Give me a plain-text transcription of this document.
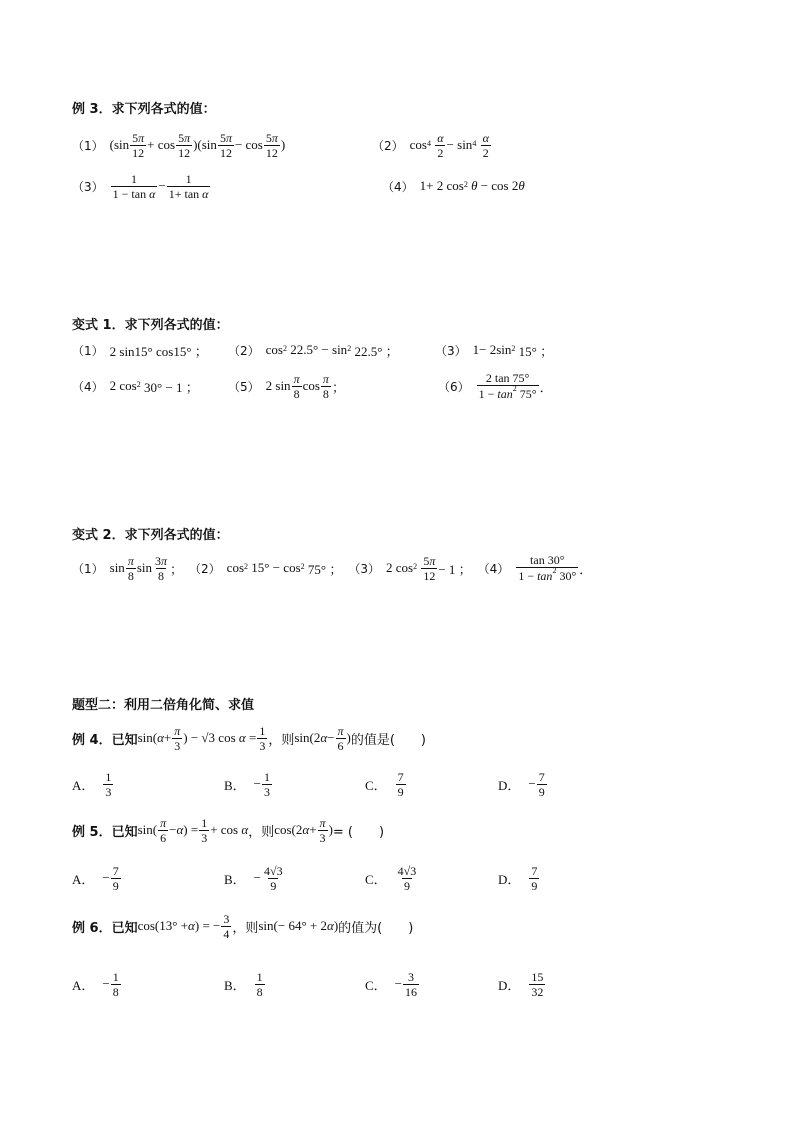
例 3．求下列各式的值：
（1） $(\sin \frac{5\pi}{12} + \cos \frac{5\pi}{12} )(\sin \frac{5\pi}{12} - \cos \frac{5\pi}{12}$ )	（2） cos 4
$\frac{\alpha}{2} - \sin 4$
$\frac{\alpha}{2}$
$(3) \frac{1}{\text{1 − tan α}} - \frac{1}{\text{1+ tan α}}$	（4） 1+ 2 cos 2
θ − cos 2 θ
变式 1．求下列各式的值：
（1） 2 sin15° cos15° ； （2） cos 2 22.5° − sin 2 22.5° ；	（3） 1− 2sin 2 15° ；
（4） 2 cos 2 30° − 1 ； （5） 2 $\sin \frac{\pi}{8}$ $\cos \frac{\pi}{8}$ ；	$(6) \frac{2 \tan 75^\circ}{1 - \tan^2 75^\circ}$ ．
变式 2．求下列各式的值：
（1） $\sin \frac{\pi}{8}$ $\sin \frac{3\pi}{8}$ ； （2） cos 2 15° − cos 2 75° ； （3） 2 cos 2
$\frac{5\pi}{12} - 1$ ； $(4) \frac{\tan 30^\circ}{1 - \tan^2 30^\circ}$ ．
题型二：利用二倍角化简、求值
例 4．已知 sin( $\alpha + \frac{\pi}{3}$ ) − √3 $\cos \alpha = \frac{1}{3}$ ，则 sin(2 $\alpha - \frac{\pi}{6}$ ) 的值是(　　)
A． $\frac{1}{3}$	B． − $\frac{1}{3}$	C． $\frac{7}{9}$	D． − $\frac{7}{9}$
例 5．已知 $\sin( \frac{\pi}{6} - \alpha$ ) = $\frac{1}{3} + \cos \alpha$ ，则 cos(2 $\alpha + \frac{\pi}{3}$ ) = (　　)
A． − $\frac{7}{9}$	B． − $\frac{4√3}{9}$	C． $\frac{4√3}{9}$	D． $\frac{7}{9}$
例 6．已知 cos(13° + α ) = − $\frac{3}{4}$ ，则 sin(− 64° + 2 α ) 的值为(　　)
A． − $\frac{1}{8}$	B． $\frac{1}{8}$	C． − $\frac{3}{16}$	D． $\frac{15}{32}$
